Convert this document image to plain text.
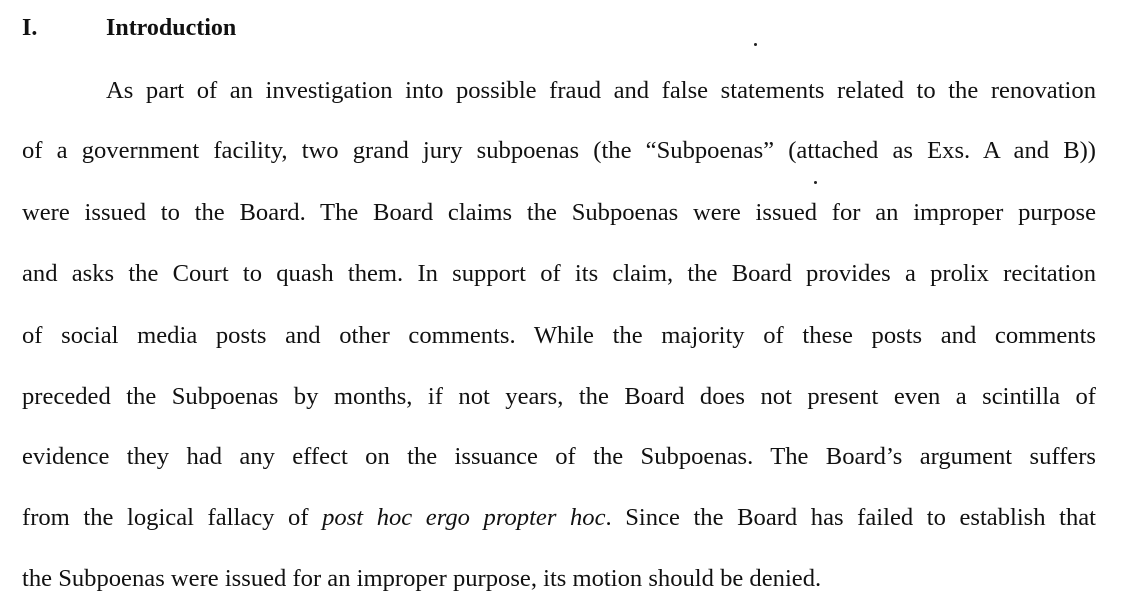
I.	Introduction
As part of an investigation into possible fraud and false statements related to the renovation
of a government facility, two grand jury subpoenas (the “Subpoenas” (attached as Exs. A and B))
were issued to the Board. The Board claims the Subpoenas were issued for an improper purpose
and asks the Court to quash them. In support of its claim, the Board provides a prolix recitation
of social media posts and other comments. While the majority of these posts and comments
preceded the Subpoenas by months, if not years, the Board does not present even a scintilla of
evidence they had any effect on the issuance of the Subpoenas. The Board’s argument suffers
from the logical fallacy of post hoc ergo propter hoc. Since the Board has failed to establish that
the Subpoenas were issued for an improper purpose, its motion should be denied.
